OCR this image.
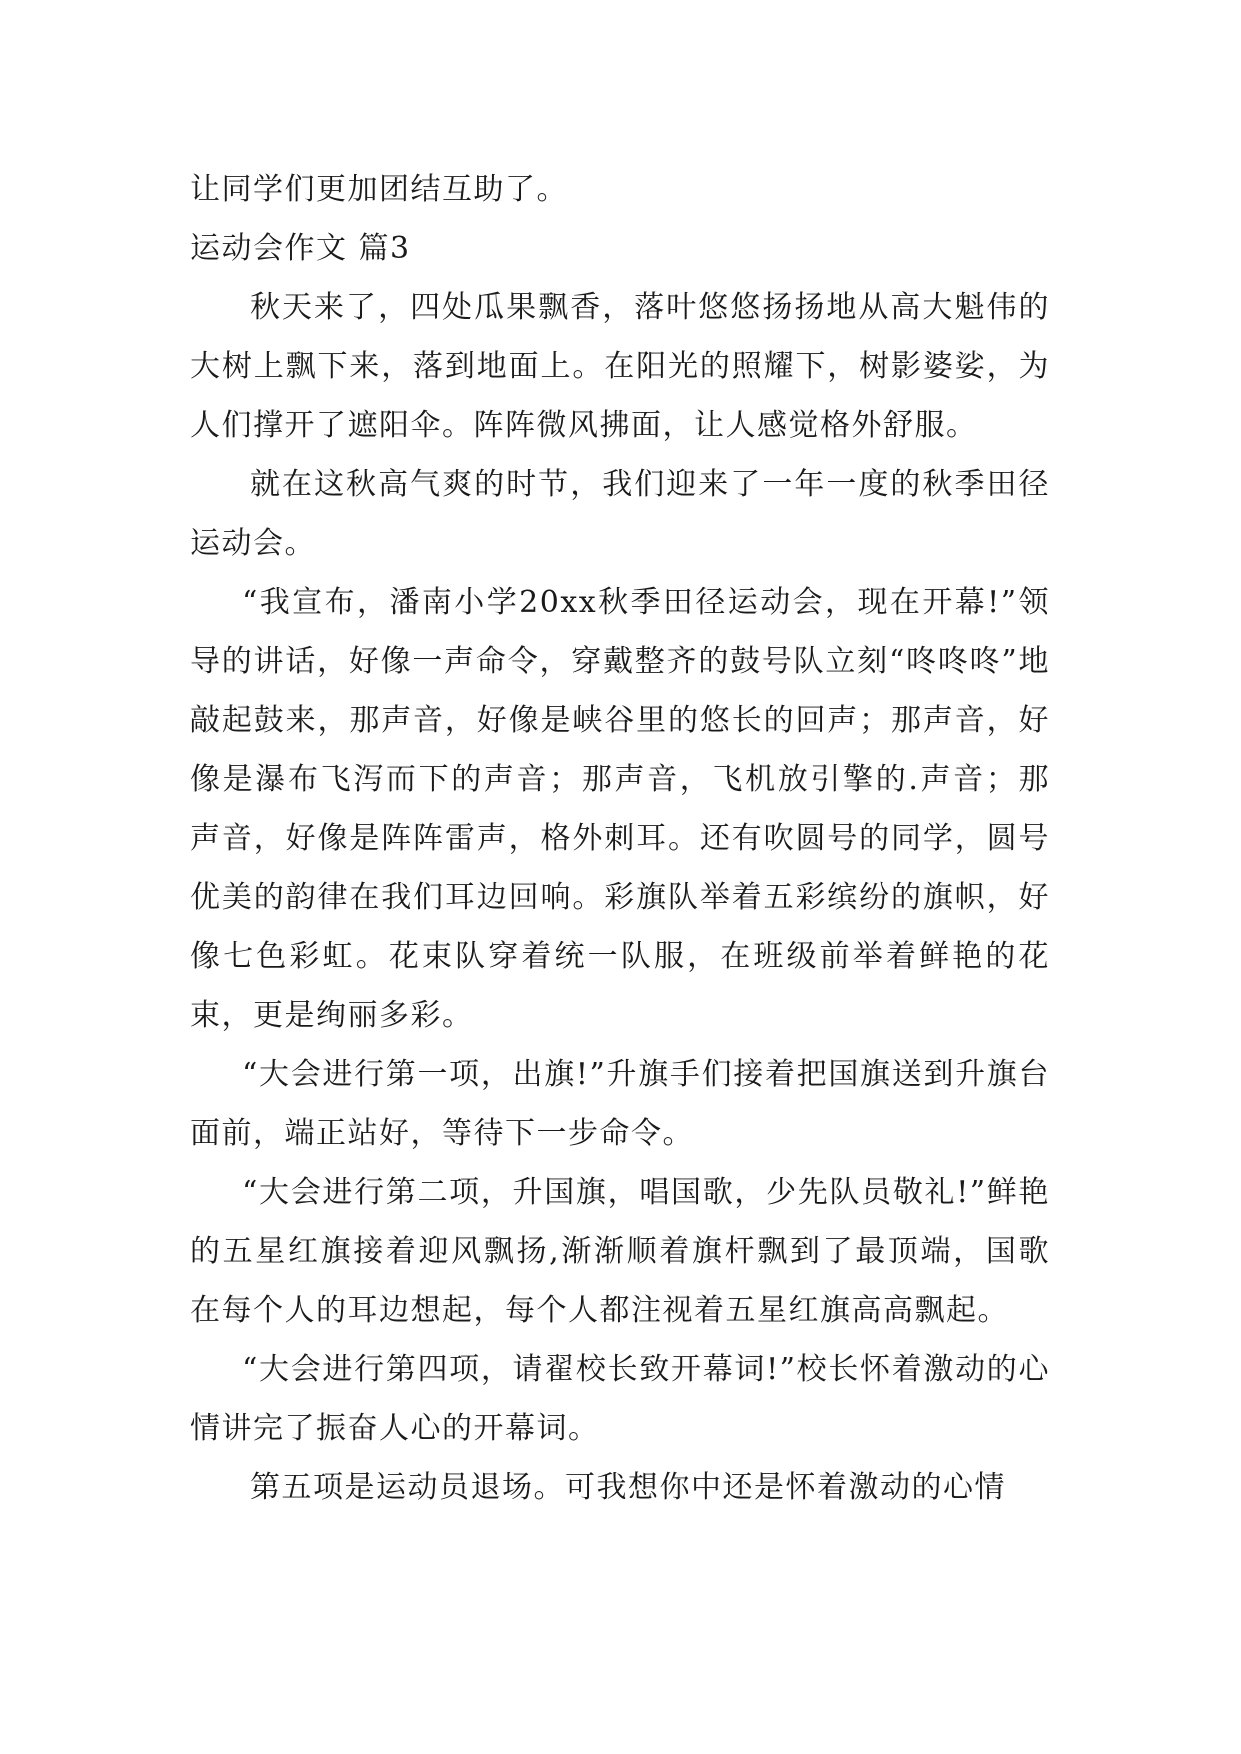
让同学们更加团结互助了。

运动会作文 篇3

秋天来了，四处瓜果飘香，落叶悠悠扬扬地从高大魁伟的大树上飘下来，落到地面上。在阳光的照耀下，树影婆娑，为人们撑开了遮阳伞。阵阵微风拂面，让人感觉格外舒服。

就在这秋高气爽的时节，我们迎来了一年一度的秋季田径运动会。

“我宣布，潘南小学20xx秋季田径运动会，现在开幕!”领导的讲话，好像一声命令，穿戴整齐的鼓号队立刻“咚咚咚”地敲起鼓来，那声音，好像是峡谷里的悠长的回声；那声音，好像是瀑布飞泻而下的声音；那声音，飞机放引擎的.声音；那声音，好像是阵阵雷声，格外刺耳。还有吹圆号的同学，圆号优美的韵律在我们耳边回响。彩旗队举着五彩缤纷的旗帜，好像七色彩虹。花束队穿着统一队服，在班级前举着鲜艳的花束，更是绚丽多彩。

“大会进行第一项，出旗!”升旗手们接着把国旗送到升旗台面前，端正站好，等待下一步命令。

“大会进行第二项，升国旗，唱国歌，少先队员敬礼!”鲜艳的五星红旗接着迎风飘扬,渐渐顺着旗杆飘到了最顶端，国歌在每个人的耳边想起，每个人都注视着五星红旗高高飘起。

“大会进行第四项，请翟校长致开幕词!”校长怀着激动的心情讲完了振奋人心的开幕词。

第五项是运动员退场。可我想你中还是怀着激动的心情
